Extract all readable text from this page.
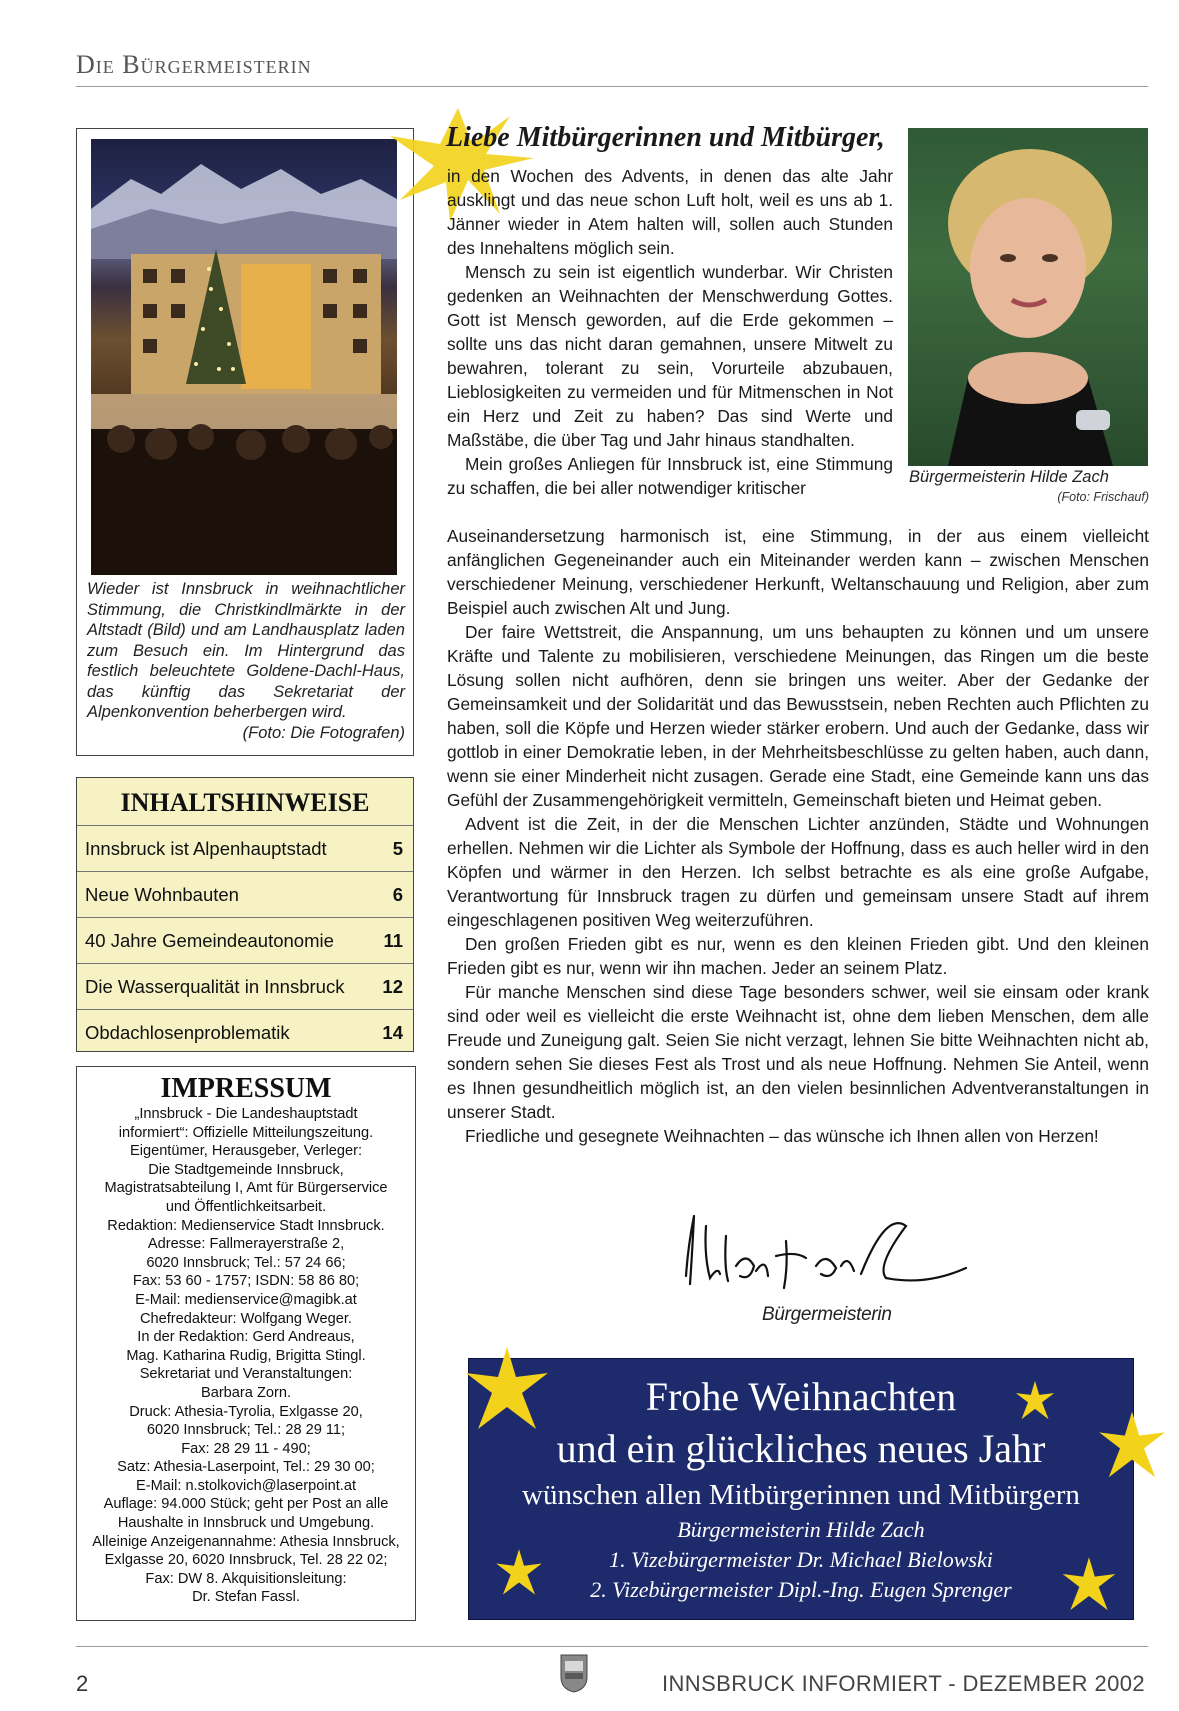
Die Bürgermeisterin
Wieder ist Innsbruck in weihnachtlicher Stimmung, die Christkindlmärkte in der Altstadt (Bild) und am Landhausplatz laden zum Besuch ein. Im Hintergrund das festlich beleuchtete Goldene-Dachl-Haus, das künftig das Sekretariat der Alpenkonvention beherbergen wird.
(Foto: Die Fotografen)
INHALTSHINWEISE
Innsbruck ist Alpenhauptstadt	5
Neue Wohnbauten	6
40 Jahre Gemeindeautonomie	11
Die Wasserqualität in Innsbruck 12
Obdachlosenproblematik	14
IMPRESSUM
„Innsbruck - Die Landeshauptstadt
informiert“: Offizielle Mitteilungszeitung.
Eigentümer, Herausgeber, Verleger:
Die Stadtgemeinde Innsbruck,
Magistratsabteilung I, Amt für Bürgerservice
und Öffentlichkeitsarbeit.
Redaktion: Medienservice Stadt Innsbruck.
Adresse: Fallmerayerstraße 2,
6020 Innsbruck; Tel.: 57 24 66;
Fax: 53 60 - 1757; ISDN: 58 86 80;
E-Mail: medienservice@magibk.at
Chefredakteur: Wolfgang Weger.
In der Redaktion: Gerd Andreaus,
Mag. Katharina Rudig, Brigitta Stingl.
Sekretariat und Veranstaltungen:
Barbara Zorn.
Druck: Athesia-Tyrolia, Exlgasse 20,
6020 Innsbruck; Tel.: 28 29 11;
Fax: 28 29 11 - 490;
Satz: Athesia-Laserpoint, Tel.: 29 30 00;
E-Mail: n.stolkovich@laserpoint.at
Auflage: 94.000 Stück; geht per Post an alle
Haushalte in Innsbruck und Umgebung.
Alleinige Anzeigenannahme: Athesia Innsbruck,
Exlgasse 20, 6020 Innsbruck, Tel. 28 22 02;
Fax: DW 8. Akquisitionsleitung:
Dr. Stefan Fassl.
Liebe Mitbürgerinnen und Mitbürger,

in den Wochen des Advents, in denen das alte Jahr ausklingt und das neue schon Luft holt, weil es uns ab 1. Jänner wieder in Atem halten will, sollen auch Stunden des Innehaltens möglich sein.

Mensch zu sein ist eigentlich wunderbar. Wir Christen gedenken an Weihnachten der Menschwerdung Gottes. Gott ist Mensch geworden, auf die Erde gekommen – sollte uns das nicht daran gemahnen, unsere Mitwelt zu bewahren, tolerant zu sein, Vorurteile abzubauen, Lieblosigkeiten zu vermeiden und für Mitmenschen in Not ein Herz und Zeit zu haben? Das sind Werte und Maßstäbe, die über Tag und Jahr hinaus standhalten.

Mein großes Anliegen für Innsbruck ist, eine Stimmung zu schaffen, die bei aller notwendiger kritischer

Auseinandersetzung harmonisch ist, eine Stimmung, in der aus einem vielleicht anfänglichen Gegeneinander auch ein Miteinander werden kann – zwischen Menschen verschiedener Meinung, verschiedener Herkunft, Weltanschauung und Religion, aber zum Beispiel auch zwischen Alt und Jung.

Der faire Wettstreit, die Anspannung, um uns behaupten zu können und um unsere Kräfte und Talente zu mobilisieren, verschiedene Meinungen, das Ringen um die beste Lösung sollen nicht aufhören, denn sie bringen uns weiter. Aber der Gedanke der Gemeinsamkeit und der Solidarität und das Bewusstsein, neben Rechten auch Pflichten zu haben, soll die Köpfe und Herzen wieder stärker erobern. Und auch der Gedanke, dass wir gottlob in einer Demokratie leben, in der Mehrheitsbeschlüsse zu gelten haben, auch dann, wenn sie einer Minderheit nicht zusagen. Gerade eine Stadt, eine Gemeinde kann uns das Gefühl der Zusammengehörigkeit vermitteln, Gemeinschaft bieten und Heimat geben.

Advent ist die Zeit, in der die Menschen Lichter anzünden, Städte und Wohnungen erhellen. Nehmen wir die Lichter als Symbole der Hoffnung, dass es auch heller wird in den Köpfen und wärmer in den Herzen. Ich selbst betrachte es als eine große Aufgabe, Verantwortung für Innsbruck tragen zu dürfen und gemeinsam unsere Stadt auf ihrem eingeschlagenen positiven Weg weiterzuführen.

Den großen Frieden gibt es nur, wenn es den kleinen Frieden gibt. Und den kleinen Frieden gibt es nur, wenn wir ihn machen. Jeder an seinem Platz.

Für manche Menschen sind diese Tage besonders schwer, weil sie einsam oder krank sind oder weil es vielleicht die erste Weihnacht ist, ohne dem lieben Menschen, dem alle Freude und Zuneigung galt. Seien Sie nicht verzagt, lehnen Sie bitte Weihnachten nicht ab, sondern sehen Sie dieses Fest als Trost und als neue Hoffnung. Nehmen Sie Anteil, wenn es Ihnen gesundheitlich möglich ist, an den vielen besinnlichen Adventveranstaltungen in unserer Stadt.

Friedliche und gesegnete Weihnachten – das wünsche ich Ihnen allen von Herzen!

Bürgermeisterin Hilde Zach
(Foto: Frischauf)
Bürgermeisterin
Frohe Weihnachten
und ein glückliches neues Jahr
wünschen allen Mitbürgerinnen und Mitbürgern
Bürgermeisterin Hilde Zach
1. Vizebürgermeister Dr. Michael Bielowski
2. Vizebürgermeister Dipl.-Ing. Eugen Sprenger
2	INNSBRUCK INFORMIERT - DEZEMBER 2002
